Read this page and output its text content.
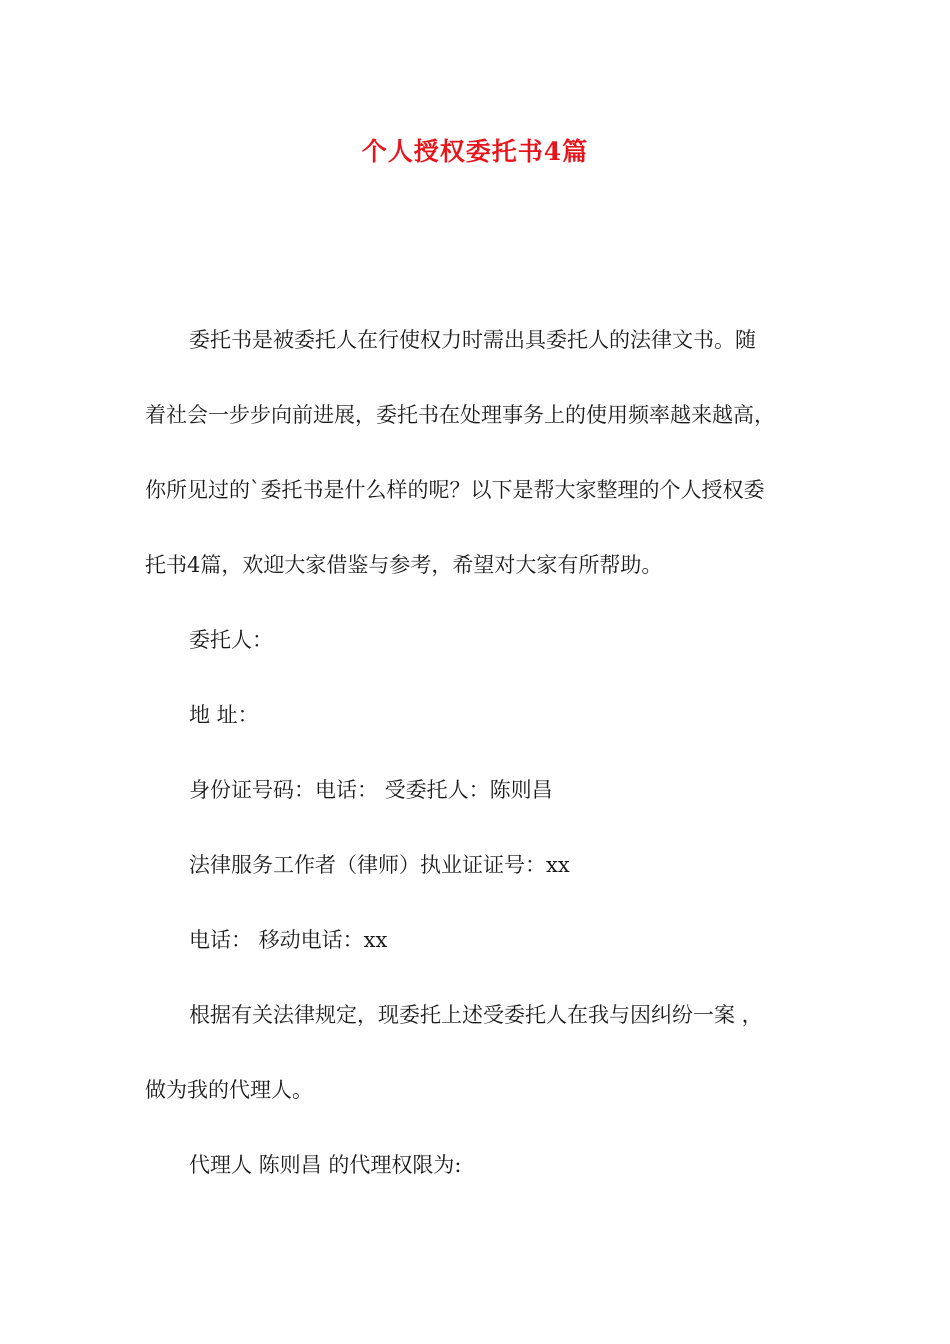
个人授权委托书4篇
委托书是被委托人在行使权力时需出具委托人的法律文书。随
着社会一步步向前进展，委托书在处理事务上的使用频率越来越高，
你所见过的`委托书是什么样的呢？以下是帮大家整理的个人授权委
托书4篇，欢迎大家借鉴与参考，希望对大家有所帮助。
委托人：
地 址：
身份证号码：电话： 受委托人：陈则昌
法律服务工作者（律师）执业证证号：xx
电话： 移动电话：xx
根据有关法律规定，现委托上述受委托人在我与因纠纷一案 ，
做为我的代理人。
代理人 陈则昌 的代理权限为:
